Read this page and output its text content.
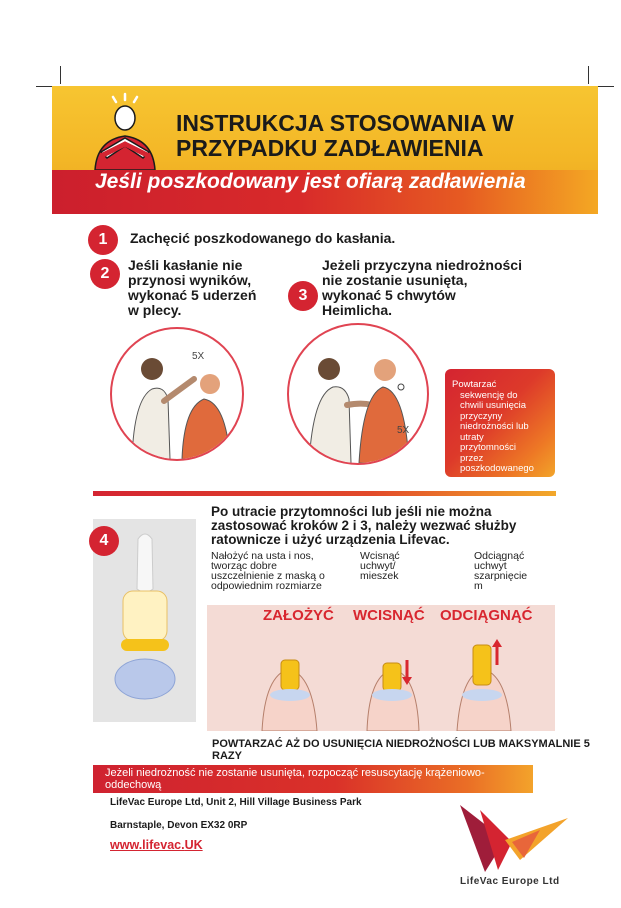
INSTRUKCJA STOSOWANIA W
PRZYPADKU ZADŁAWIENIA
Jeśli poszkodowany jest ofiarą zadławienia
1	Zachęcić poszkodowanego do kasłania.
2	Jeśli kasłanie nie
przynosi wyników,
wykonać 5 uderzeń
w plecy.
5X
3
Jeżeli przyczyna niedrożności
nie zostanie usunięta,
wykonać 5 chwytów
Heimlicha.
5X
Powtarzać
sekwencję do
chwili usunięcia
przyczyny
niedrożności lub
utraty
przytomności
przez
poszkodowanego
4
Po utracie przytomności lub jeśli nie można
zastosować kroków 2 i 3, należy wezwać służby
ratownicze i użyć urządzenia Lifevac.
Nałożyć na usta i nos,
tworząc dobre
uszczelnienie z maską o
odpowiednim rozmiarze
Wcisnąć
uchwyt/
mieszek
Odciągnąć
uchwyt
szarpnięcie
m
ZAŁOŻYĆ WCISNĄĆ ODCIĄGNĄĆ
POWTARZAĆ AŻ DO USUNIĘCIA NIEDROŻNOŚCI LUB MAKSYMALNIE 5
RAZY
Jeżeli niedrożność nie zostanie usunięta, rozpocząć resuscytację krążeniowo-
oddechową
LifeVac Europe Ltd, Unit 2, Hill Village Business Park
Barnstaple, Devon EX32 0RP
www.lifevac.UK
LifeVac Europe Ltd
